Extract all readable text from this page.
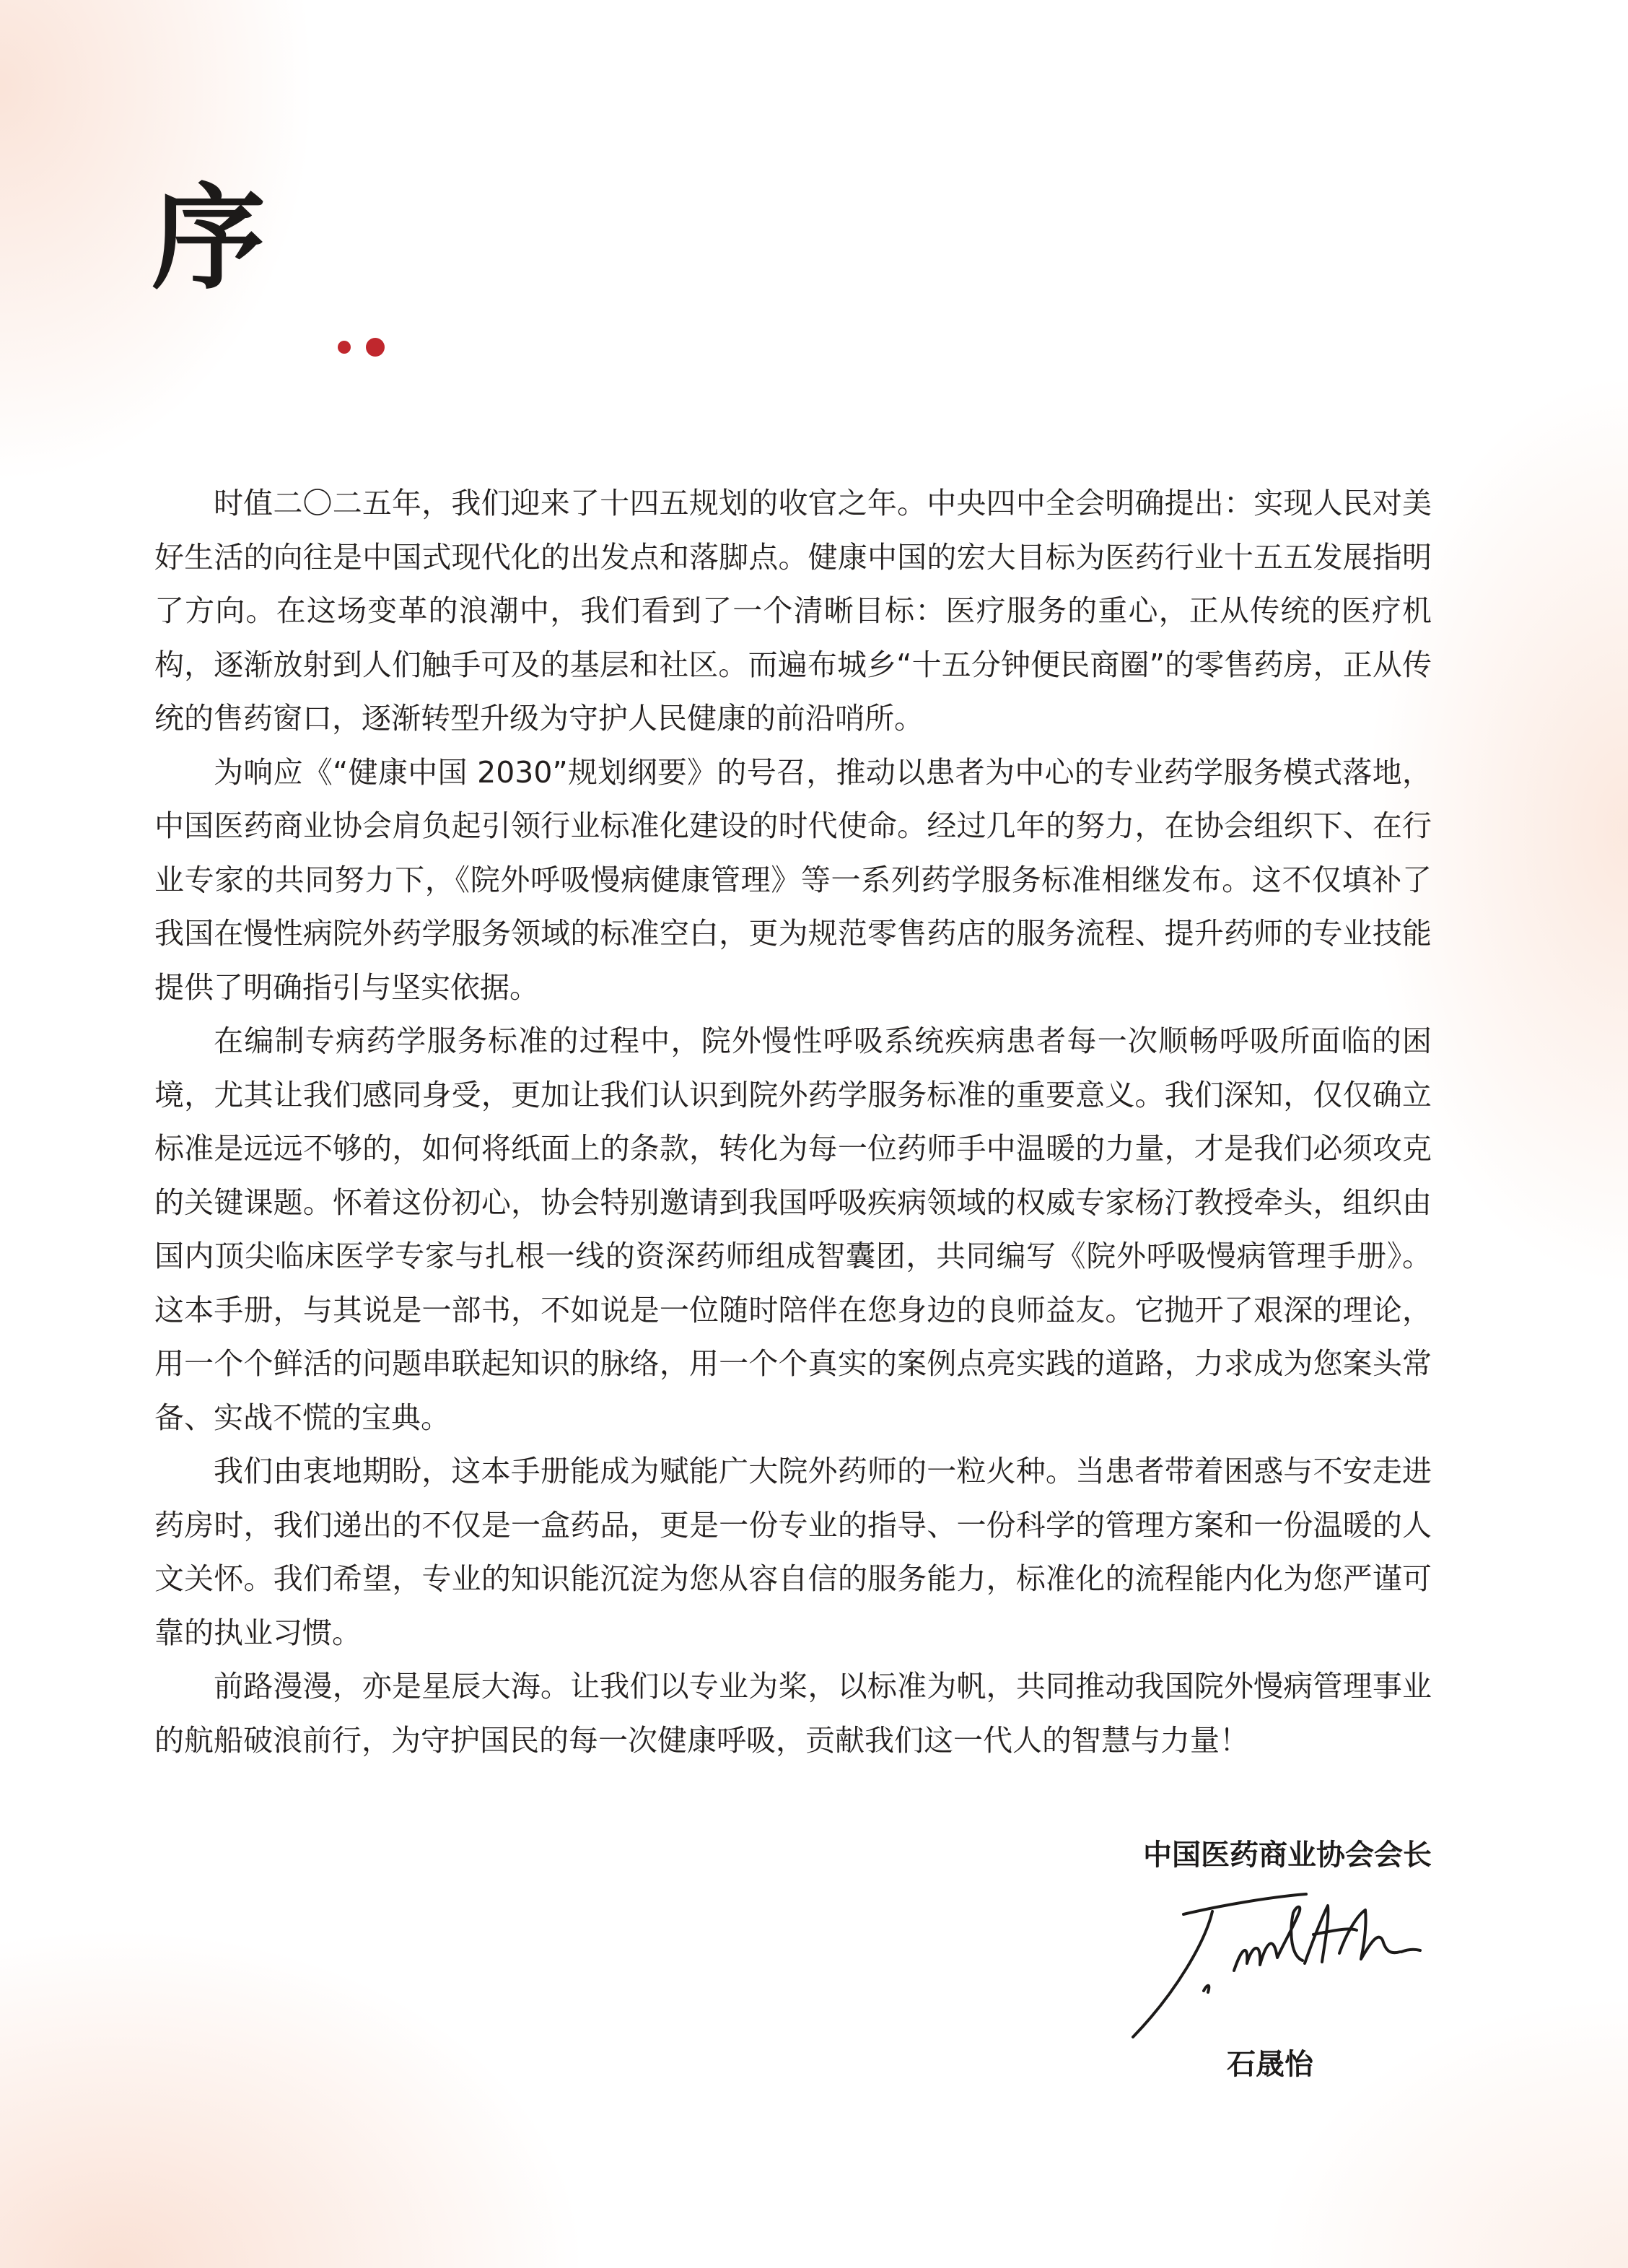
序

时值二〇二五年，我们迎来了十四五规划的收官之年。中央四中全会明确提出：实现人民对美好生活的向往是中国式现代化的出发点和落脚点。健康中国的宏大目标为医药行业十五五发展指明了方向。在这场变革的浪潮中，我们看到了一个清晰目标：医疗服务的重心，正从传统的医疗机构，逐渐放射到人们触手可及的基层和社区。而遍布城乡“十五分钟便民商圈”的零售药房，正从传统的售药窗口，逐渐转型升级为守护人民健康的前沿哨所。

为响应《“健康中国 2030”规划纲要》的号召，推动以患者为中心的专业药学服务模式落地，中国医药商业协会肩负起引领行业标准化建设的时代使命。经过几年的努力，在协会组织下、在行业专家的共同努力下，《院外呼吸慢病健康管理》等一系列药学服务标准相继发布。这不仅填补了我国在慢性病院外药学服务领域的标准空白，更为规范零售药店的服务流程、提升药师的专业技能提供了明确指引与坚实依据。

在编制专病药学服务标准的过程中，院外慢性呼吸系统疾病患者每一次顺畅呼吸所面临的困境，尤其让我们感同身受，更加让我们认识到院外药学服务标准的重要意义。我们深知，仅仅确立标准是远远不够的，如何将纸面上的条款，转化为每一位药师手中温暖的力量，才是我们必须攻克的关键课题。怀着这份初心，协会特别邀请到我国呼吸疾病领域的权威专家杨汀教授牵头，组织由国内顶尖临床医学专家与扎根一线的资深药师组成智囊团，共同编写《院外呼吸慢病管理手册》。这本手册，与其说是一部书，不如说是一位随时陪伴在您身边的良师益友。它抛开了艰深的理论，用一个个鲜活的问题串联起知识的脉络，用一个个真实的案例点亮实践的道路，力求成为您案头常备、实战不慌的宝典。

我们由衷地期盼，这本手册能成为赋能广大院外药师的一粒火种。当患者带着困惑与不安走进药房时，我们递出的不仅是一盒药品，更是一份专业的指导、一份科学的管理方案和一份温暖的人文关怀。我们希望，专业的知识能沉淀为您从容自信的服务能力，标准化的流程能内化为您严谨可靠的执业习惯。

前路漫漫，亦是星辰大海。让我们以专业为桨，以标准为帆，共同推动我国院外慢病管理事业的航船破浪前行，为守护国民的每一次健康呼吸，贡献我们这一代人的智慧与力量！

中国医药商业协会会长
石晟怡
